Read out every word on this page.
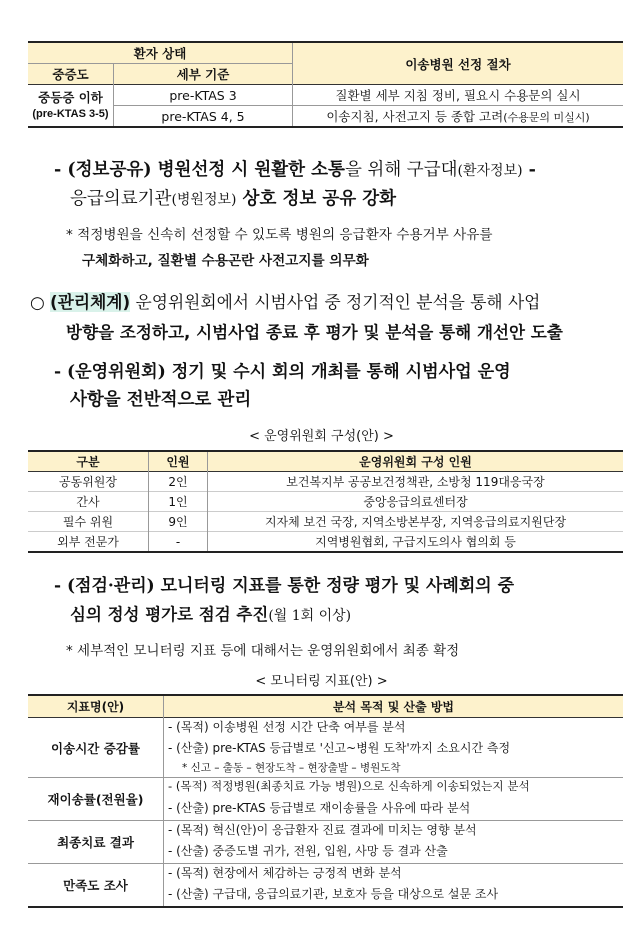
환자 상태		이송병원 선정 절차
중증도	세부 기준	

중등증 이하
(pre-KTAS 3-5)	pre-KTAS 3	질환별 세부 지침 정비, 필요시 수용문의 실시
	pre-KTAS 4, 5	이송지침, 사전고지 등 종합 고려(수용문의 미실시)
- (정보공유) 병원선정 시 원활한 소통을 위해 구급대(환자정보) -
응급의료기관(병원정보) 상호 정보 공유 강화
* 적정병원을 신속히 선정할 수 있도록 병원의 응급환자 수용거부 사유를
구체화하고, 질환별 수용곤란 사전고지를 의무화
○ (관리체계) 운영위원회에서 시범사업 중 정기적인 분석을 통해 사업
방향을 조정하고, 시범사업 종료 후 평가 및 분석을 통해 개선안 도출
- (운영위원회) 정기 및 수시 회의 개최를 통해 시범사업 운영
사항을 전반적으로 관리
< 운영위원회 구성(안) >
구분	인원	운영위원회 구성 인원
공동위원장	2인	보건복지부 공공보건정책관, 소방청 119대응국장
간사	1인	중앙응급의료센터장
필수 위원	9인	지자체 보건 국장, 지역소방본부장, 지역응급의료지원단장
외부 전문가	-	지역병원협회, 구급지도의사 협의회 등
- (점검·관리) 모니터링 지표를 통한 정량 평가 및 사례회의 중
심의 정성 평가로 점검 추진(월 1회 이상)
* 세부적인 모니터링 지표 등에 대해서는 운영위원회에서 최종 확정
< 모니터링 지표(안) >
지표명(안)	분석 목적 및 산출 방법
이송시간 증감률	- (목적) 이송병원 선정 시간 단축 여부를 분석
- (산출) pre-KTAS 등급별로 '신고~병원 도착'까지 소요시간 측정
* 신고 – 출동 – 현장도착 – 현장출발 – 병원도착

재이송률(전원율)	- (목적) 적정병원(최종치료 가능 병원)으로 신속하게 이송되었는지 분석
- (산출) pre-KTAS 등급별로 재이송률을 사유에 따라 분석

최종치료 결과	- (목적) 혁신(안)이 응급환자 진료 결과에 미치는 영향 분석
- (산출) 중증도별 귀가, 전원, 입원, 사망 등 결과 산출

만족도 조사	- (목적) 현장에서 체감하는 긍정적 변화 분석
- (산출) 구급대, 응급의료기관, 보호자 등을 대상으로 설문 조사
